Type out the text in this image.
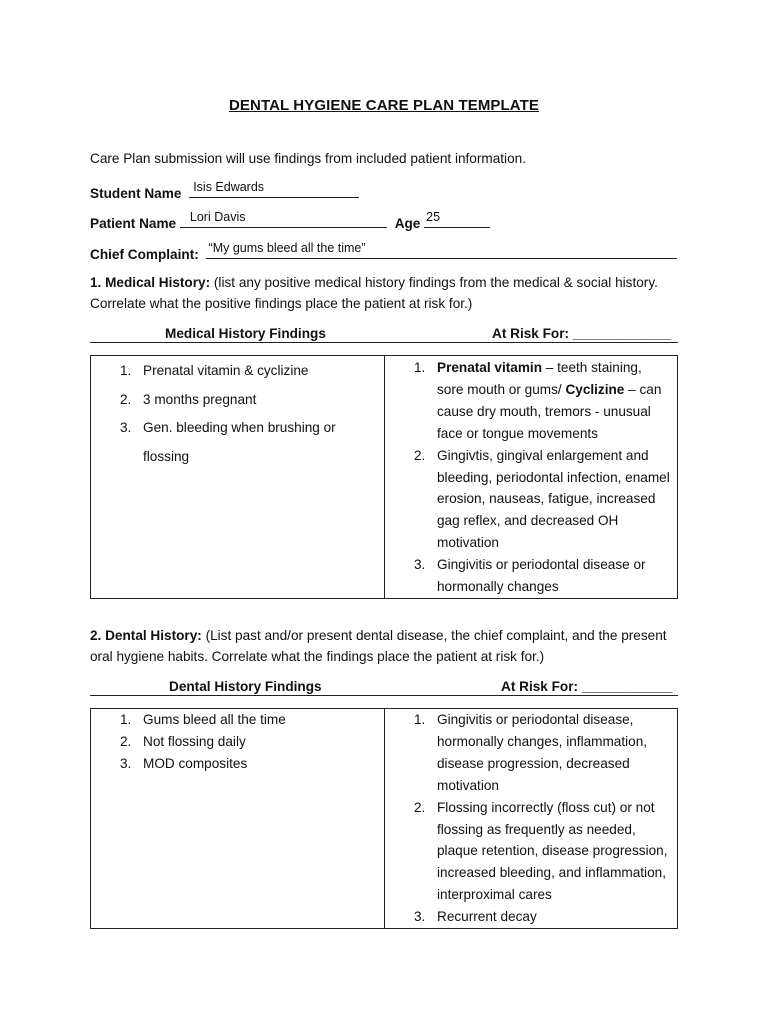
DENTAL HYGIENE CARE PLAN TEMPLATE
Care Plan submission will use findings from included patient information.
Student Name Isis Edwards
Patient Name Lori Davis	Age 25
Chief Complaint: “My gums bleed all the time”
1. Medical History: (list any positive medical history findings from the medical & social history.
Correlate what the positive findings place the patient at risk for.)
Medical History Findings	At Risk For: _____________
1. Prenatal vitamin & cyclizine
2. 3 months pregnant
3. Gen. bleeding when brushing or flossing

1. Prenatal vitamin – teeth staining, sore mouth or gums/ Cyclizine – can cause dry mouth, tremors - unusual face or tongue movements
2. Gingivtis, gingival enlargement and bleeding, periodontal infection, enamel erosion, nauseas, fatigue, increased gag reflex, and decreased OH motivation
3. Gingivitis or periodontal disease or hormonally changes
2. Dental History: (List past and/or present dental disease, the chief complaint, and the present
oral hygiene habits. Correlate what the findings place the patient at risk for.)
Dental History Findings	At Risk For: ____________
1. Gums bleed all the time
2. Not flossing daily
3. MOD composites

1. Gingivitis or periodontal disease, hormonally changes, inflammation, disease progression, decreased motivation
2. Flossing incorrectly (floss cut) or not flossing as frequently as needed, plaque retention, disease progression, increased bleeding, and inflammation, interproximal cares
3. Recurrent decay
